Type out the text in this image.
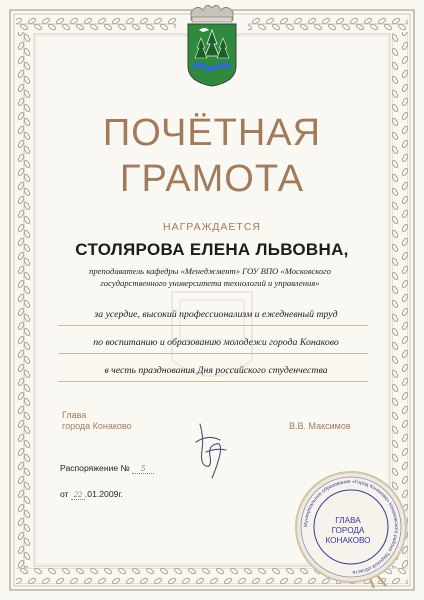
ПОЧЁТНАЯ
ГРАМОТА
НАГРАЖДАЕТСЯ
СТОЛЯРОВА ЕЛЕНА ЛЬВОВНА,
преподаватель кафедры «Менеджмент» ГОУ ВПО «Московского
государственного университета технологий и управления»
за усердие, высокий профессионализм и ежедневный труд
по воспитанию и образованию молодежи города Конаково
в честь празднования Дня российского студенчества
Глава
города Конаково	В.В. Максимов
Распоряжение № 5
от 22 .01.2009г.
Муниципальное образование «Город Конаково» Конаковского района Тверской области
ГЛАВА
ГОРОДА
КОНАКОВО
